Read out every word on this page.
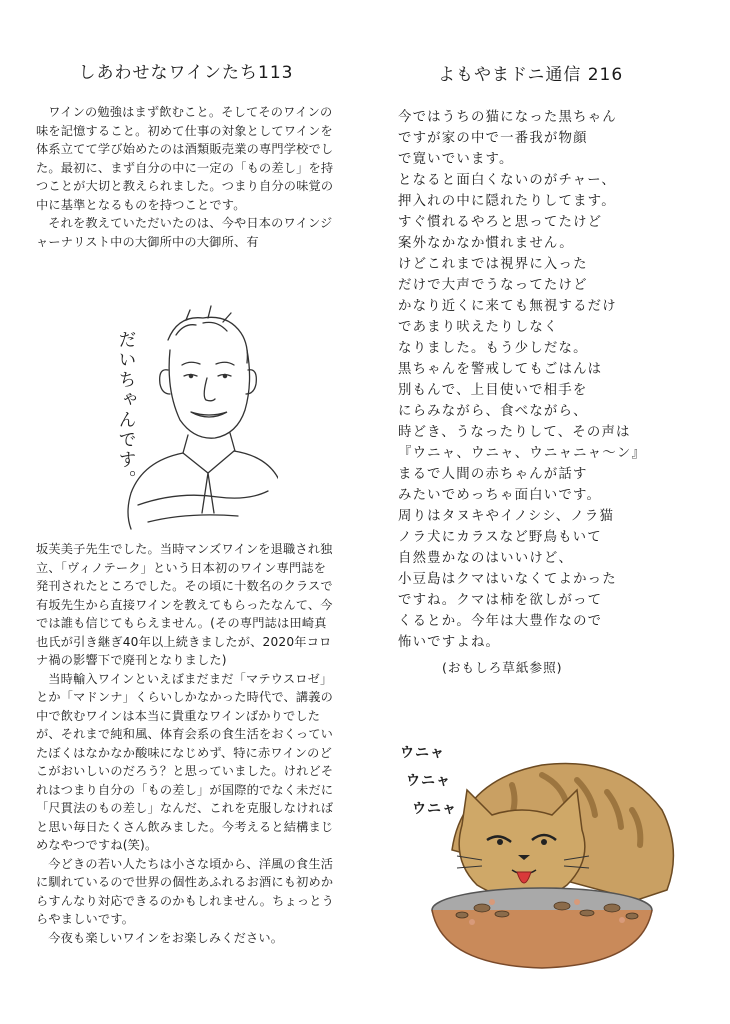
しあわせなワインたち113

ワインの勉強はまず飲むこと。そしてそのワインの味を記憶すること。初めて仕事の対象としてワインを体系立てて学び始めたのは酒類販売業の専門学校でした。最初に、まず自分の中に一定の「もの差し」を持つことが大切と教えられました。つまり自分の味覚の中に基準となるものを持つことです。

それを教えていただいたのは、今や日本のワインジャーナリスト中の大御所中の大御所、有

だいちゃんです。

坂芙美子先生でした。当時マンズワインを退職され独立、「ヴィノテーク」という日本初のワイン専門誌を発刊されたところでした。その頃に十数名のクラスで有坂先生から直接ワインを教えてもらったなんて、今では誰も信じてもらえません。(その専門誌は田崎真也氏が引き継ぎ40年以上続きましたが、2020年コロナ禍の影響下で廃刊となりました)

当時輸入ワインといえばまだまだ「マテウスロゼ」とか「マドンナ」くらいしかなかった時代で、講義の中で飲むワインは本当に貴重なワインばかりでしたが、それまで純和風、体育会系の食生活をおくっていたぼくはなかなか酸味になじめず、特に赤ワインのどこがおいしいのだろう？と思っていました。けれどそれはつまり自分の「もの差し」が国際的でなく未だに「尺貫法のもの差し」なんだ、これを克服しなければと思い毎日たくさん飲みました。今考えると結構まじめなやつですね(笑)。

今どきの若い人たちは小さな頃から、洋風の食生活に馴れているので世界の個性あふれるお酒にも初めからすんなり対応できるのかもしれません。ちょっとうらやましいです。

今夜も楽しいワインをお楽しみください。

よもやまドニ通信 216
今ではうちの猫になった黒ちゃん
ですが家の中で一番我が物顔
で寛いでいます。
となると面白くないのがチャー、
押入れの中に隠れたりしてます。
すぐ慣れるやろと思ってたけど
案外なかなか慣れません。
けどこれまでは視界に入った
だけで大声でうなってたけど
かなり近くに来ても無視するだけ
であまり吠えたりしなく
なりました。もう少しだな。
黒ちゃんを警戒してもごはんは
別もんで、上目使いで相手を
にらみながら、食べながら、
時どき、うなったりして、その声は
『ウニャ、ウニャ、ウニャニャ〜ン』
まるで人間の赤ちゃんが話す
みたいでめっちゃ面白いです。
周りはタヌキやイノシシ、ノラ猫
ノラ犬にカラスなど野鳥もいて
自然豊かなのはいいけど、
小豆島はクマはいなくてよかった
ですね。クマは柿を欲しがって
くるとか。今年は大豊作なので
怖いですよね。
(おもしろ草紙参照)
ウニャ
ウニャ
ウニャ
